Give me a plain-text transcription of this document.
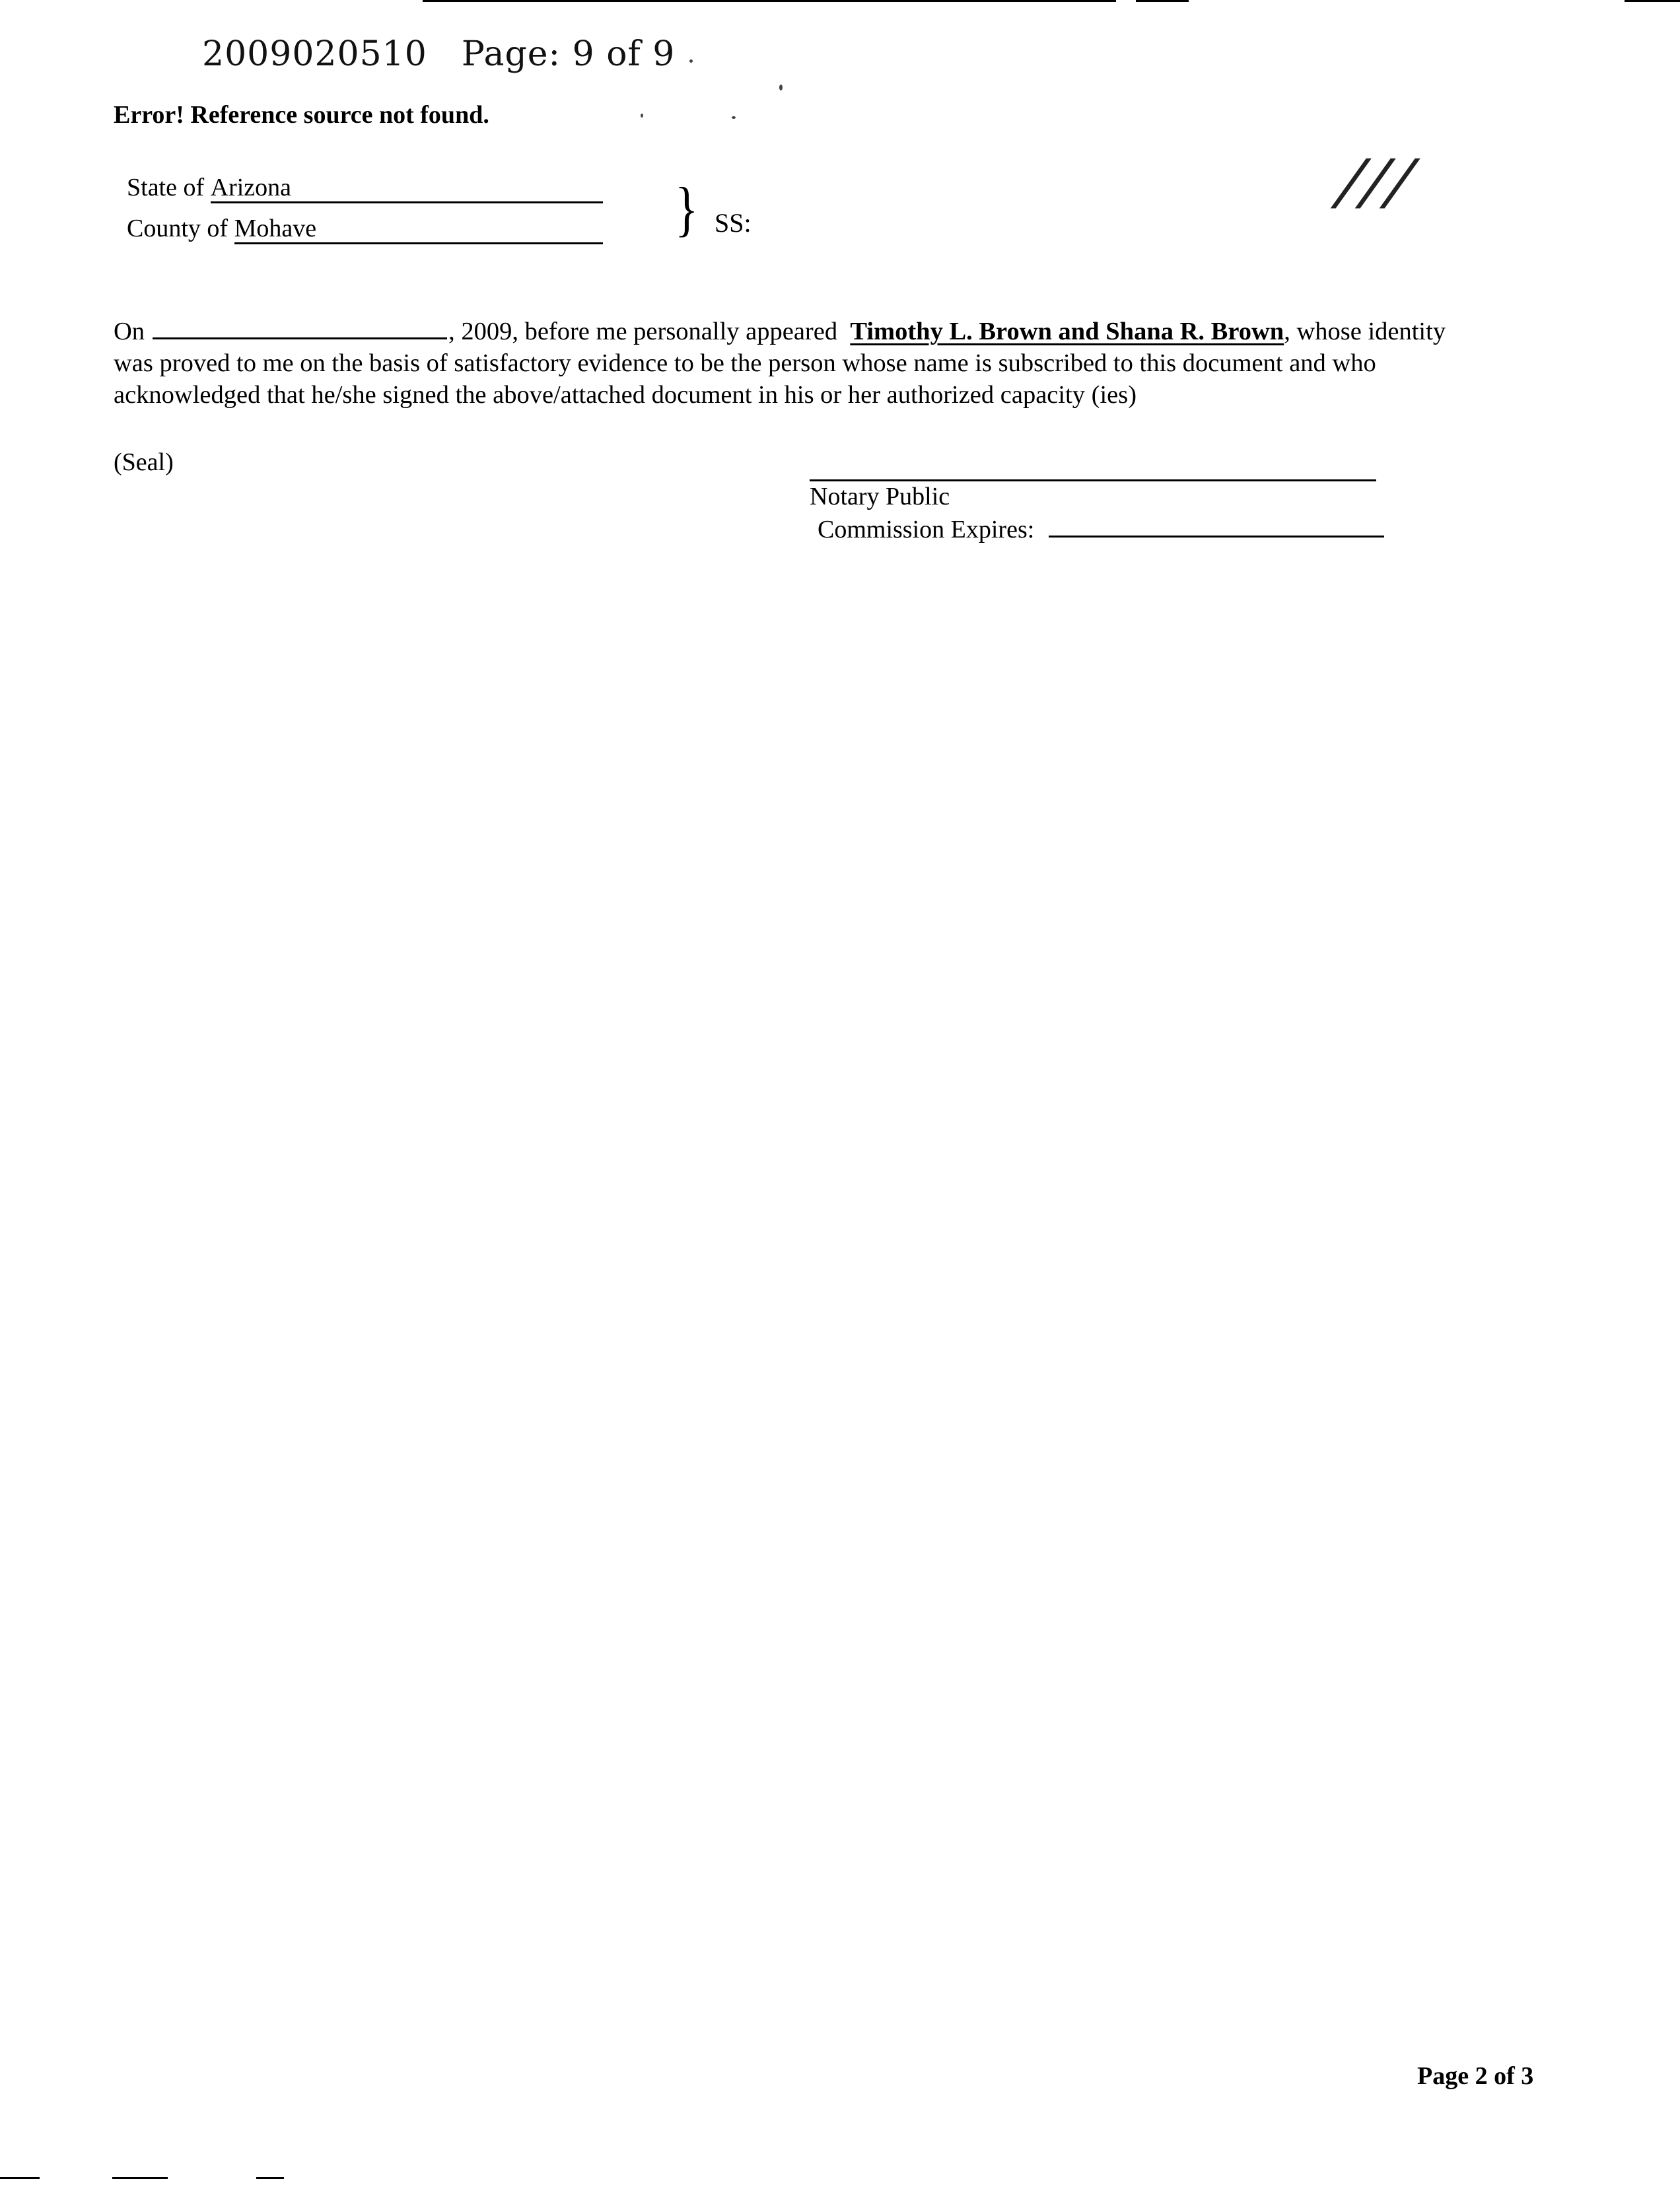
2009020510 Page: 9 of 9
Error! Reference source not found.
State of Arizona
County of Mohave	} SS:
///
On	, 2009, before me personally appeared Timothy L. Brown and Shana R. Brown, whose identity
was proved to me on the basis of satisfactory evidence to be the person whose name is subscribed to this document and who
acknowledged that he/she signed the above/attached document in his or her authorized capacity (ies)
(Seal)
Notary Public
Commission Expires:
Page 2 of 3
